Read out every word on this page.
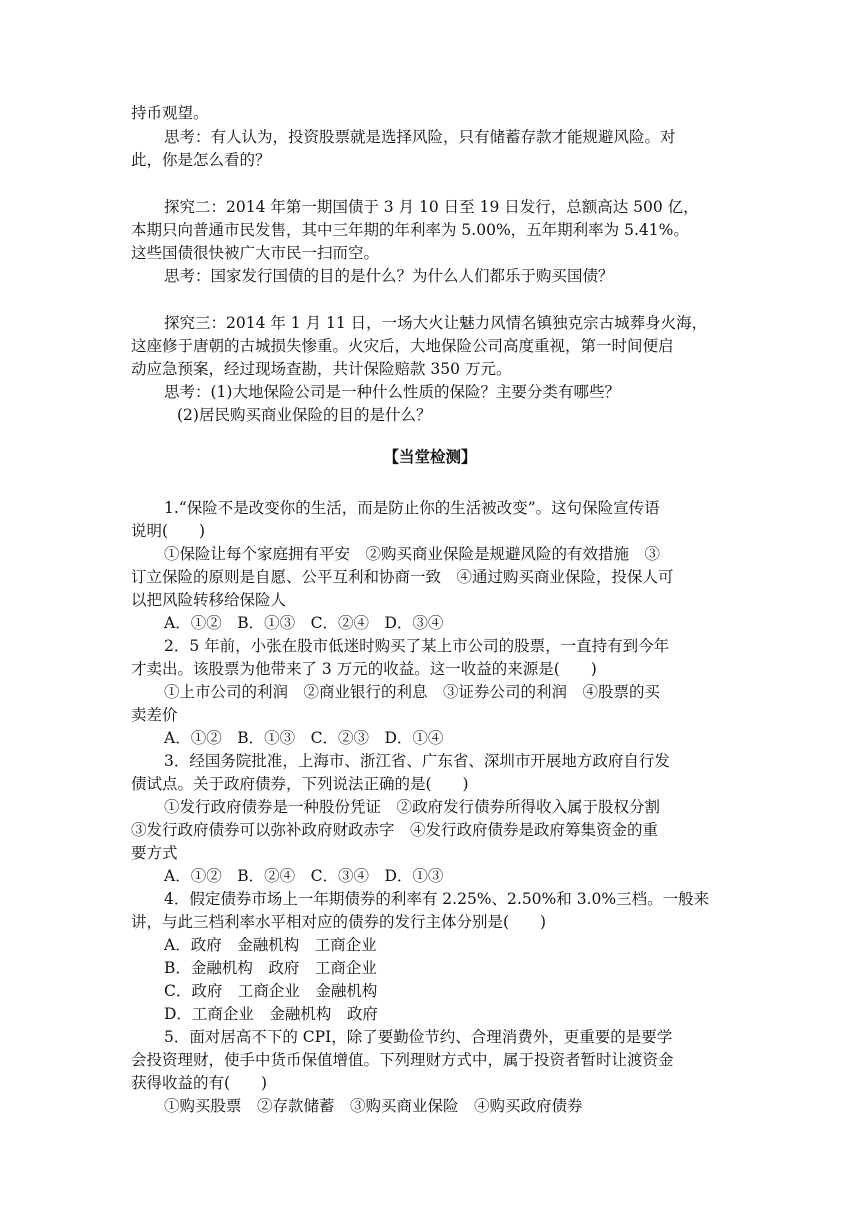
持币观望。
思考：有人认为，投资股票就是选择风险，只有储蓄存款才能规避风险。对
此，你是怎么看的？
探究二：2014 年第一期国债于 3 月 10 日至 19 日发行，总额高达 500 亿，
本期只向普通市民发售，其中三年期的年利率为 5.00%，五年期利率为 5.41%。
这些国债很快被广大市民一扫而空。
思考：国家发行国债的目的是什么？为什么人们都乐于购买国债？
探究三：2014 年 1 月 11 日，一场大火让魅力风情名镇独克宗古城葬身火海，
这座修于唐朝的古城损失惨重。火灾后，大地保险公司高度重视，第一时间便启
动应急预案，经过现场查勘，共计保险赔款 350 万元。
思考：(1)大地保险公司是一种什么性质的保险？主要分类有哪些？
(2)居民购买商业保险的目的是什么？
【当堂检测】
1.“保险不是改变你的生活，而是防止你的生活被改变”。这句保险宣传语
说明(　　)
①保险让每个家庭拥有平安　②购买商业保险是规避风险的有效措施　③
订立保险的原则是自愿、公平互利和协商一致　④通过购买商业保险，投保人可
以把风险转移给保险人
A．①②　B．①③　C．②④　D．③④
2．5 年前，小张在股市低迷时购买了某上市公司的股票，一直持有到今年
才卖出。该股票为他带来了 3 万元的收益。这一收益的来源是(　　)
①上市公司的利润　②商业银行的利息　③证券公司的利润　④股票的买
卖差价
A．①②　B．①③　C．②③　D．①④
3．经国务院批准，上海市、浙江省、广东省、深圳市开展地方政府自行发
债试点。关于政府债券，下列说法正确的是(　　)
①发行政府债券是一种股份凭证　②政府发行债券所得收入属于股权分割
③发行政府债券可以弥补政府财政赤字　④发行政府债券是政府筹集资金的重
要方式
A．①②　B．②④　C．③④　D．①③
4．假定债券市场上一年期债券的利率有 2.25%、2.50%和 3.0%三档。一般来
讲，与此三档利率水平相对应的债券的发行主体分别是(　　)
A．政府　金融机构　工商企业
B．金融机构　政府　工商企业
C．政府　工商企业　金融机构
D．工商企业　金融机构　政府
5．面对居高不下的 CPI，除了要勤俭节约、合理消费外，更重要的是要学
会投资理财，使手中货币保值增值。下列理财方式中，属于投资者暂时让渡资金
获得收益的有(　　)
①购买股票　②存款储蓄　③购买商业保险　④购买政府债券
